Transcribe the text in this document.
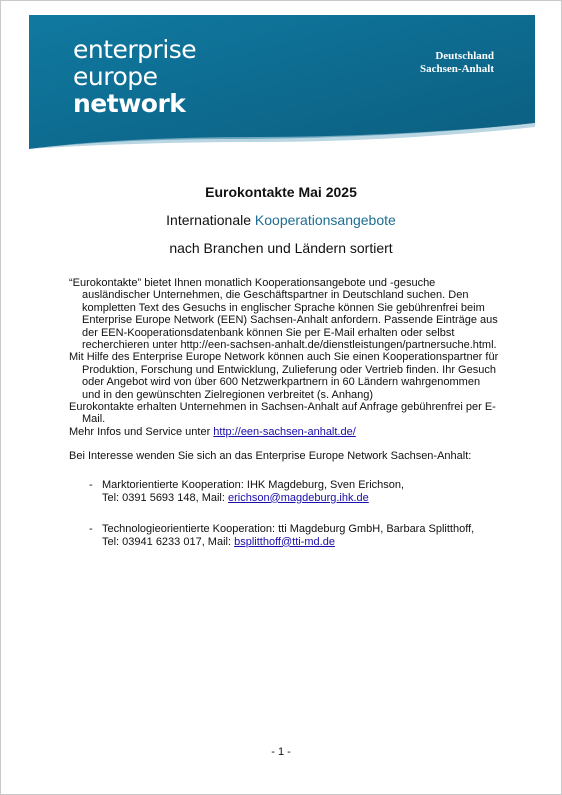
enterprise
europe
network
Deutschland
Sachsen-Anhalt
Eurokontakte Mai 2025
Internationale Kooperationsangebote
nach Branchen und Ländern sortiert

“Eurokontakte” bietet Ihnen monatlich Kooperationsangebote und -gesuche ausländischer Unternehmen, die Geschäftspartner in Deutschland suchen. Den kompletten Text des Gesuchs in englischer Sprache können Sie gebührenfrei beim Enterprise Europe Network (EEN) Sachsen-Anhalt anfordern. Passende Einträge aus der EEN-Kooperationsdatenbank können Sie per E-Mail erhalten oder selbst recherchieren unter http://een-sachsen-anhalt.de/dienstleistungen/partnersuche.html.

Mit Hilfe des Enterprise Europe Network können auch Sie einen Kooperationspartner für Produktion, Forschung und Entwicklung, Zulieferung oder Vertrieb finden. Ihr Gesuch oder Angebot wird von über 600 Netzwerkpartnern in 60 Ländern wahrgenommen und in den gewünschten Zielregionen verbreitet (s. Anhang)

Eurokontakte erhalten Unternehmen in Sachsen-Anhalt auf Anfrage gebührenfrei per E-Mail.

Mehr Infos und Service unter http://een-sachsen-anhalt.de/

Bei Interesse wenden Sie sich an das Enterprise Europe Network Sachsen-Anhalt:

- Marktorientierte Kooperation: IHK Magdeburg, Sven Erichson,
Tel: 0391 5693 148, Mail: erichson@magdeburg.ihk.de
- Technologieorientierte Kooperation: tti Magdeburg GmbH, Barbara Splitthoff,
Tel: 03941 6233 017, Mail: bsplitthoff@tti-md.de
- 1 -
